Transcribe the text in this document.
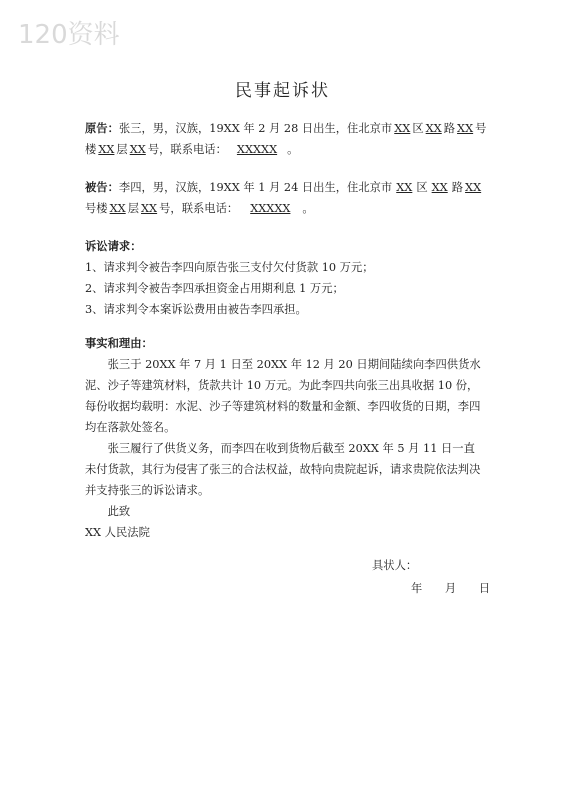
120资料
民事起诉状
原告：张三，男，汉族，19XX 年 2 月 28 日出生，住北京市 XX 区 XX 路 XX 号
楼 XX 层 XX 号，联系电话： XXXXX 。
被告：李四，男，汉族，19XX 年 1 月 24 日出生，住北京市 XX 区 XX 路 XX
号楼 XX 层 XX 号，联系电话： XXXXX 。
诉讼请求：
1、请求判令被告李四向原告张三支付欠付货款 10 万元；
2、请求判令被告李四承担资金占用期利息 1 万元；
3、请求判令本案诉讼费用由被告李四承担。
事实和理由：
张三于 20XX 年 7 月 1 日至 20XX 年 12 月 20 日期间陆续向李四供货水泥、沙子等建筑材料，货款共计 10 万元。为此李四共向张三出具收据 10 份，每份收据均载明：水泥、沙子等建筑材料的数量和金额、李四收货的日期，李四均在落款处签名。
张三履行了供货义务，而李四在收到货物后截至 20XX 年 5 月 11 日一直未付货款，其行为侵害了张三的合法权益，故特向贵院起诉，请求贵院依法判决并支持张三的诉讼请求。
此致
XX 人民法院
具状人：
年　　月　　日
